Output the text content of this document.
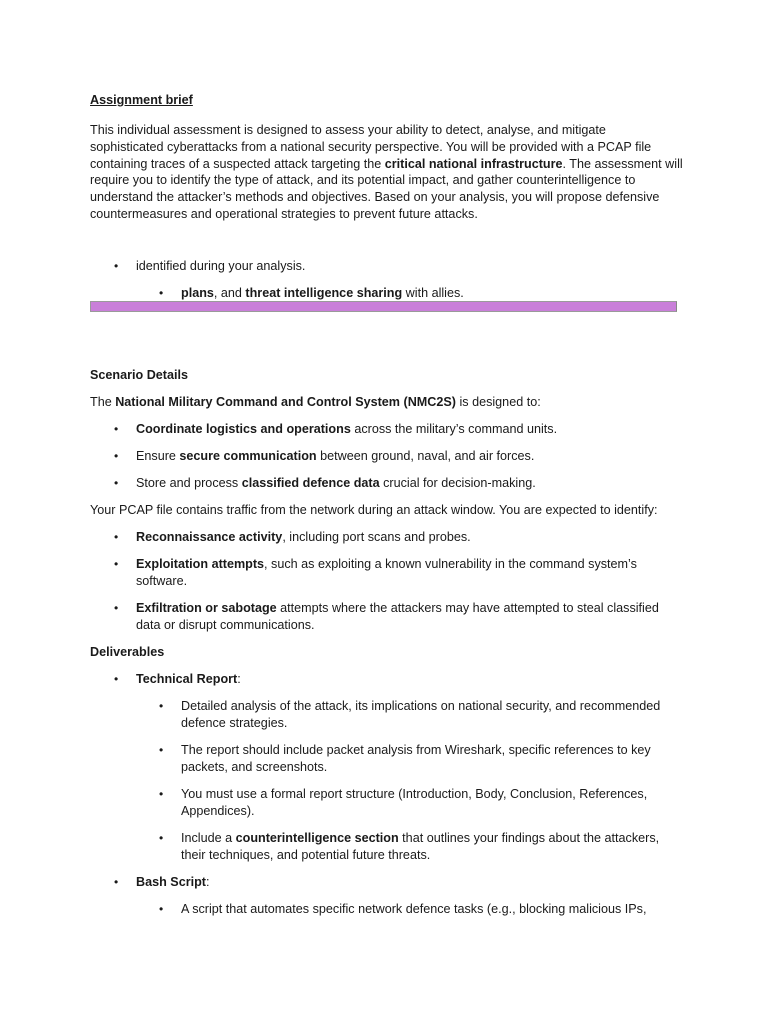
Assignment brief
This individual assessment is designed to assess your ability to detect, analyse, and mitigate
sophisticated cyberattacks from a national security perspective. You will be provided with a PCAP file
containing traces of a suspected attack targeting the critical national infrastructure. The assessment will
require you to identify the type of attack, and its potential impact, and gather counterintelligence to
understand the attacker’s methods and objectives. Based on your analysis, you will propose defensive
countermeasures and operational strategies to prevent future attacks.
• identified during your analysis.
• plans, and threat intelligence sharing with allies.
Scenario Details
The National Military Command and Control System (NMC2S) is designed to:
• Coordinate logistics and operations across the military’s command units.
• Ensure secure communication between ground, naval, and air forces.
• Store and process classified defence data crucial for decision-making.
Your PCAP file contains traffic from the network during an attack window. You are expected to identify:
• Reconnaissance activity, including port scans and probes.
• Exploitation attempts, such as exploiting a known vulnerability in the command system’s
software.
• Exfiltration or sabotage attempts where the attackers may have attempted to steal classified
data or disrupt communications.
Deliverables
• Technical Report:
• Detailed analysis of the attack, its implications on national security, and recommended
defence strategies.
• The report should include packet analysis from Wireshark, specific references to key
packets, and screenshots.
• You must use a formal report structure (Introduction, Body, Conclusion, References,
Appendices).
• Include a counterintelligence section that outlines your findings about the attackers,
their techniques, and potential future threats.
• Bash Script:
• A script that automates specific network defence tasks (e.g., blocking malicious IPs,
